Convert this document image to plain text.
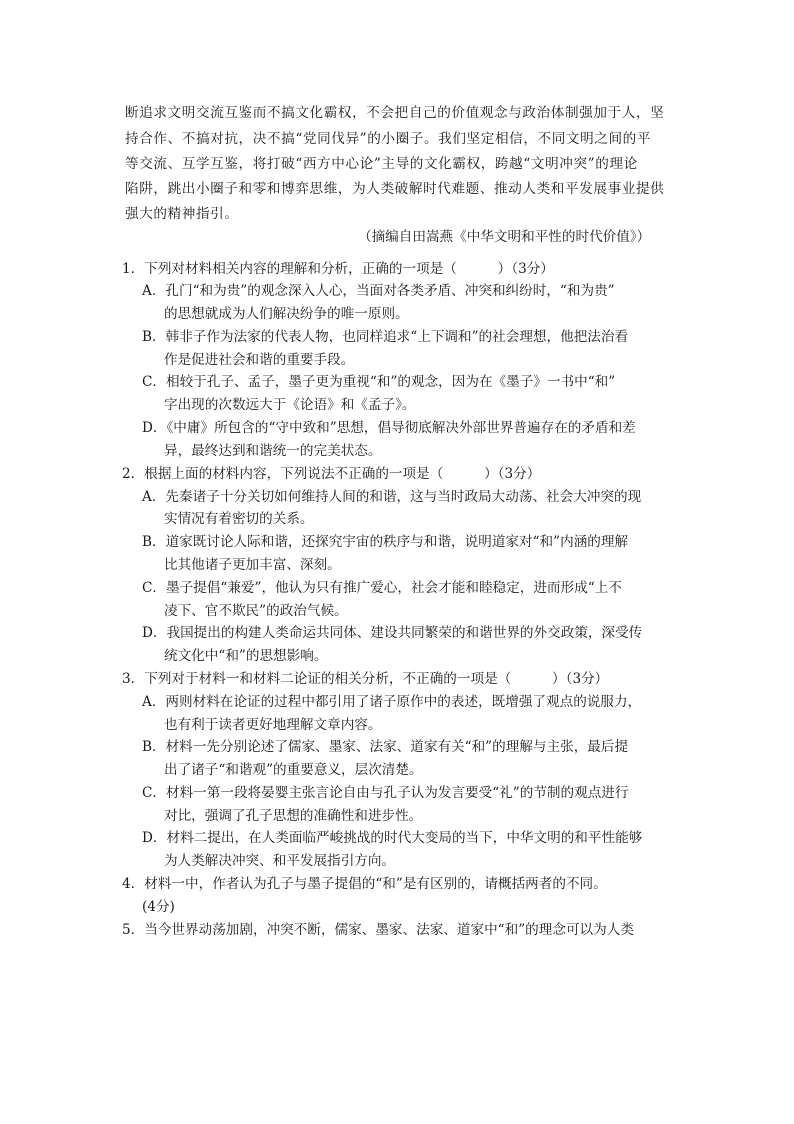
断追求文明交流互鉴而不搞文化霸权，不会把自己的价值观念与政治体制强加于人，坚
持合作、不搞对抗，决不搞“党同伐异”的小圈子。我们坚定相信，不同文明之间的平
等交流、互学互鉴，将打破“西方中心论”主导的文化霸权，跨越“文明冲突”的理论
陷阱，跳出小圈子和零和博弈思维，为人类破解时代难题、推动人类和平发展事业提供
强大的精神指引。
（摘编自田嵩燕《中华文明和平性的时代价值》）
1．下列对材料相关内容的理解和分析，正确的一项是（　　　）（3分）
A．孔门“和为贵”的观念深入人心，当面对各类矛盾、冲突和纠纷时，“和为贵”
的思想就成为人们解决纷争的唯一原则。
B．韩非子作为法家的代表人物，也同样追求“上下调和”的社会理想，他把法治看
作是促进社会和谐的重要手段。
C．相较于孔子、孟子，墨子更为重视“和”的观念，因为在《墨子》一书中“和”
字出现的次数远大于《论语》和《孟子》。
D．《中庸》所包含的“守中致和”思想，倡导彻底解决外部世界普遍存在的矛盾和差
异，最终达到和谐统一的完美状态。
2．根据上面的材料内容，下列说法不正确的一项是（　　　）（3分）
A．先秦诸子十分关切如何维持人间的和谐，这与当时政局大动荡、社会大冲突的现
实情况有着密切的关系。
B．道家既讨论人际和谐，还探究宇宙的秩序与和谐，说明道家对“和”内涵的理解
比其他诸子更加丰富、深刻。
C．墨子提倡“兼爱”，他认为只有推广爱心，社会才能和睦稳定，进而形成“上不
凌下、官不欺民”的政治气候。
D．我国提出的构建人类命运共同体、建设共同繁荣的和谐世界的外交政策，深受传
统文化中“和”的思想影响。
3．下列对于材料一和材料二论证的相关分析，不正确的一项是（　　　）（3分）
A．两则材料在论证的过程中都引用了诸子原作中的表述，既增强了观点的说服力，
也有利于读者更好地理解文章内容。
B．材料一先分别论述了儒家、墨家、法家、道家有关“和”的理解与主张，最后提
出了诸子“和谐观”的重要意义，层次清楚。
C．材料一第一段将晏婴主张言论自由与孔子认为发言要受“礼”的节制的观点进行
对比，强调了孔子思想的准确性和进步性。
D．材料二提出，在人类面临严峻挑战的时代大变局的当下，中华文明的和平性能够
为人类解决冲突、和平发展指引方向。
4．材料一中，作者认为孔子与墨子提倡的“和”是有区别的，请概括两者的不同。
(4分)
5．当今世界动荡加剧，冲突不断，儒家、墨家、法家、道家中“和”的理念可以为人类
